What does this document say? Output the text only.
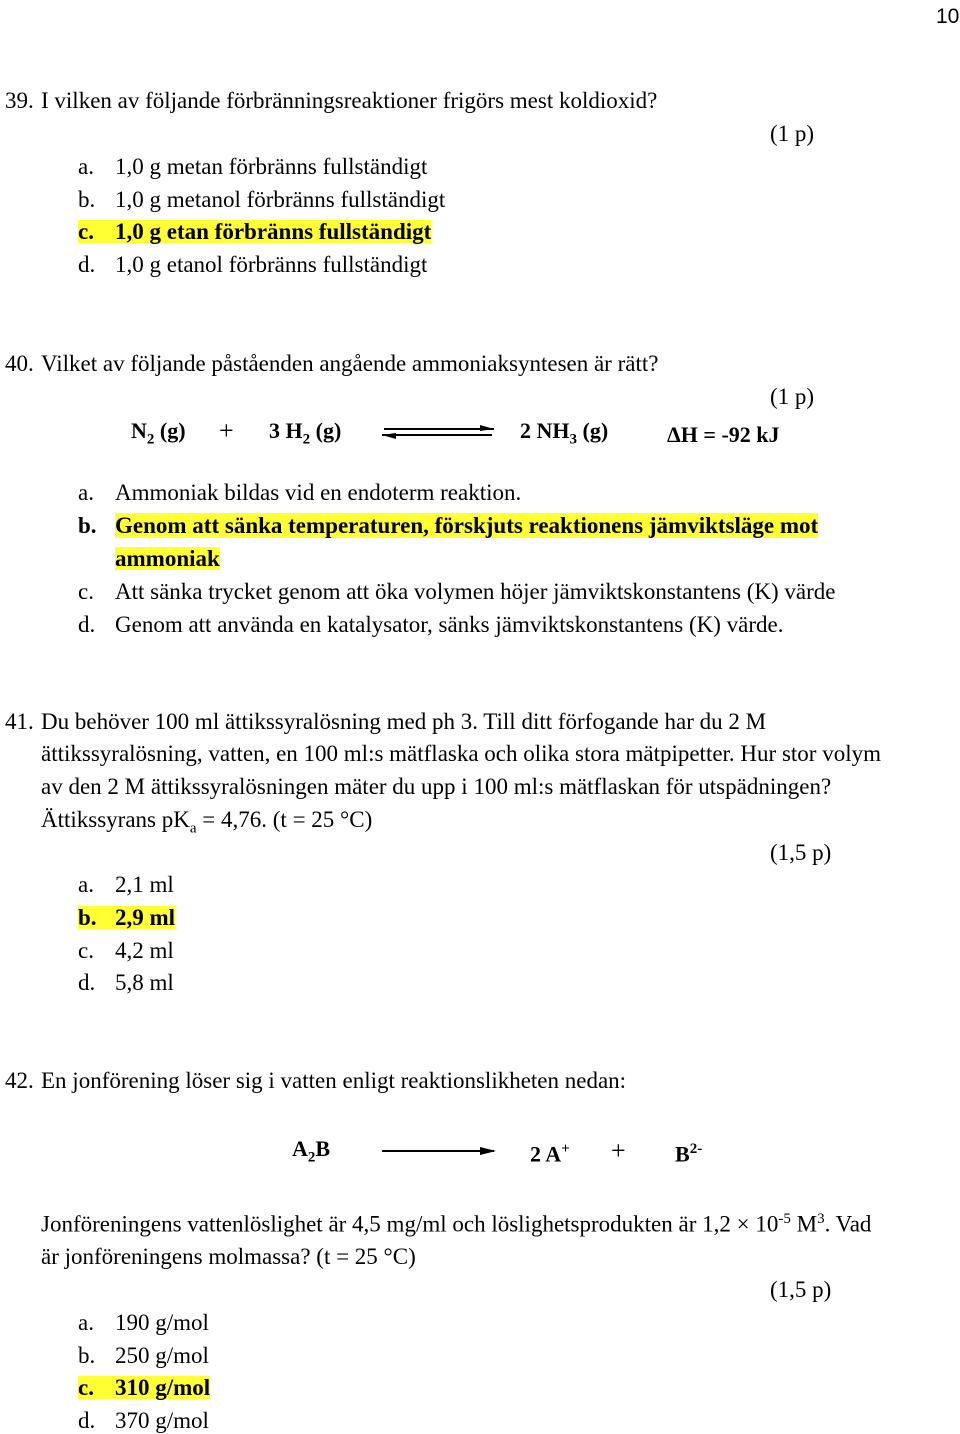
10
39. I vilken av följande förbränningsreaktioner frigörs mest koldioxid?
(1 p)
a. 1,0 g metan förbränns fullständigt
b. 1,0 g metanol förbränns fullständigt
c. 1,0 g etan förbränns fullständigt
d. 1,0 g etanol förbränns fullständigt
40. Vilket av följande påståenden angående ammoniaksyntesen är rätt?
(1 p)
$N_2$ (g) + 3 $H_2$ (g)	2 $NH_3$ (g)	ΔH = -92 kJ
a. Ammoniak bildas vid en endoterm reaktion.
b. Genom att sänka temperaturen, förskjuts reaktionens jämviktsläge mot
ammoniak
c. Att sänka trycket genom att öka volymen höjer jämviktskonstantens (K) värde
d. Genom att använda en katalysator, sänks jämviktskonstantens (K) värde.
41. Du behöver 100 ml ättikssyralösning med ph 3. Till ditt förfogande har du 2 M
ättikssyralösning, vatten, en 100 ml:s mätflaska och olika stora mätpipetter. Hur stor volym
av den 2 M ättikssyralösningen mäter du upp i 100 ml:s mätflaskan för utspädningen?
Ättikssyrans $pK_a = 4,76$. (t = 25 °C)
(1,5 p)
a. 2,1 ml
b. 2,9 ml
c. 4,2 ml
d. 5,8 ml
42. En jonförening löser sig i vatten enligt reaktionslikheten nedan:
$A_2B$	2 $A^+ + B^{2-}$
Jonföreningens vattenlöslighet är 4,5 mg/ml och löslighetsprodukten är $1,2 \times 10^{-5}$ $M^3$. Vad
är jonföreningens molmassa? (t = 25 °C)
(1,5 p)
a. 190 g/mol
b. 250 g/mol
c. 310 g/mol
d. 370 g/mol
